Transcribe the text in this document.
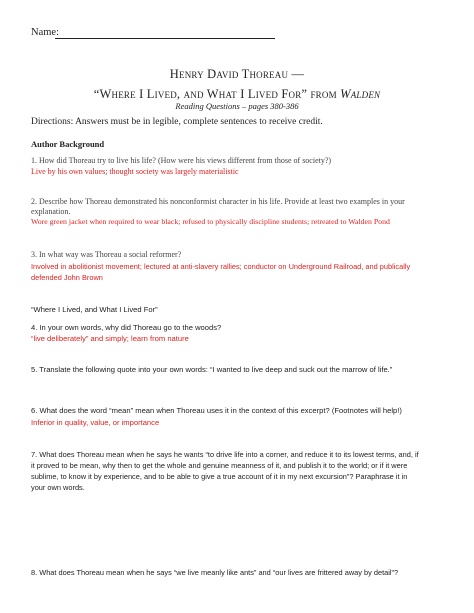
Name:
Henry David Thoreau —
“Where I Lived, and What I Lived For” from Walden
Reading Questions – pages 380-386
Directions: Answers must be in legible, complete sentences to receive credit.
Author Background
1. How did Thoreau try to live his life? (How were his views different from those of society?)
Live by his own values; thought society was largely materialistic
2. Describe how Thoreau demonstrated his nonconformist character in his life. Provide at least two examples in your
explanation.
Wore green jacket when required to wear black; refused to physically discipline students; retreated to Walden Pond
3. In what way was Thoreau a social reformer?
Involved in abolitionist movement; lectured at anti-slavery rallies; conductor on Underground Railroad, and publically
defended John Brown
“Where I Lived, and What I Lived For”
4. In your own words, why did Thoreau go to the woods?
“live deliberately” and simply; learn from nature
5. Translate the following quote into your own words: “I wanted to live deep and suck out the marrow of life.”
6. What does the word “mean” mean when Thoreau uses it in the context of this excerpt? (Footnotes will help!)
Inferior in quality, value, or importance
7. What does Thoreau mean when he says he wants “to drive life into a corner, and reduce it to its lowest terms, and, if
it proved to be mean, why then to get the whole and genuine meanness of it, and publish it to the world; or if it were
sublime, to know it by experience, and to be able to give a true account of it in my next excursion”? Paraphrase it in
your own words.
8. What does Thoreau mean when he says “we live meanly like ants” and “our lives are frittered away by detail”?
